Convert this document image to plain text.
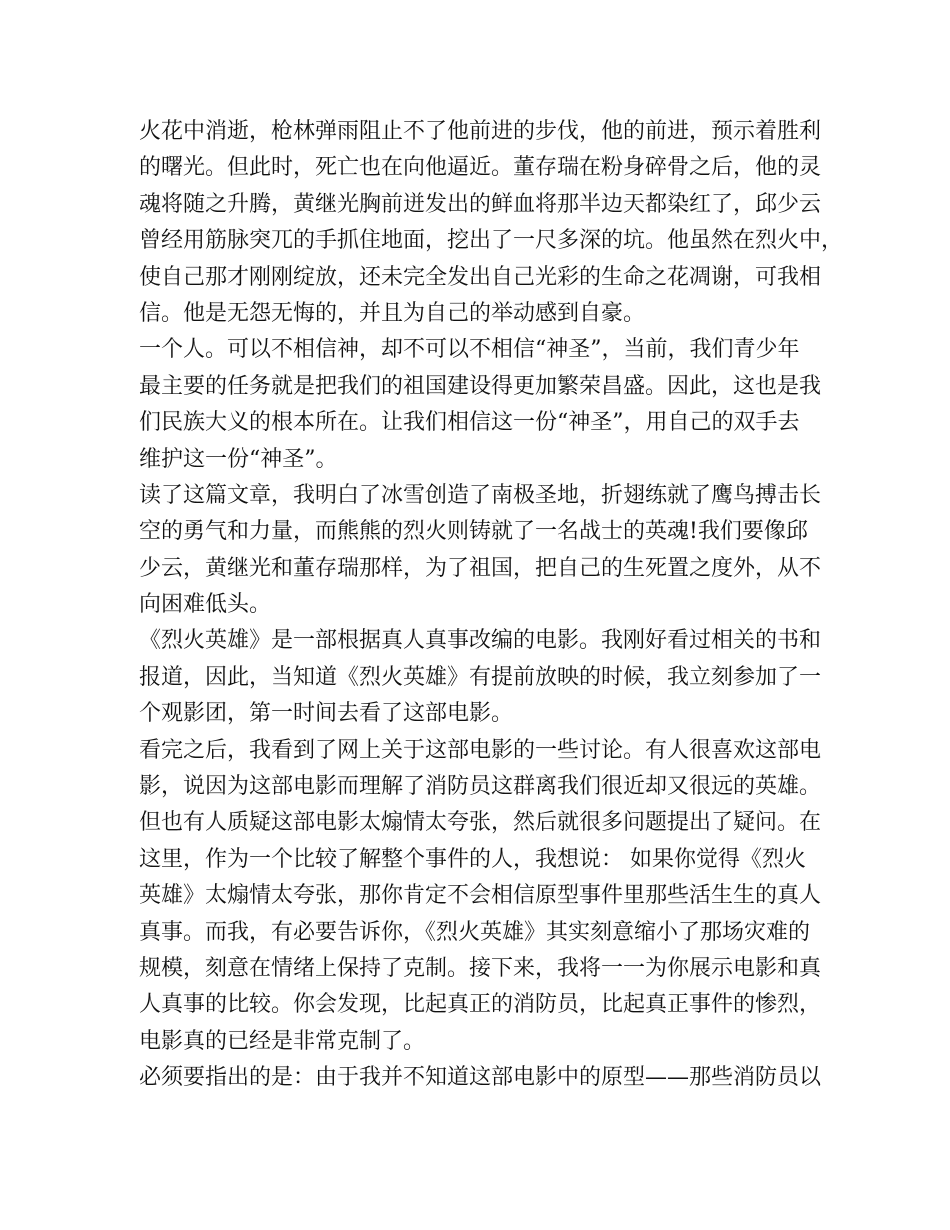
火花中消逝，枪林弹雨阻止不了他前进的步伐，他的前进，预示着胜利
的曙光。但此时，死亡也在向他逼近。董存瑞在粉身碎骨之后，他的灵
魂将随之升腾，黄继光胸前迸发出的鲜血将那半边天都染红了，邱少云
曾经用筋脉突兀的手抓住地面，挖出了一尺多深的坑。他虽然在烈火中，
使自己那才刚刚绽放，还未完全发出自己光彩的生命之花凋谢，可我相
信。他是无怨无悔的，并且为自己的举动感到自豪。
一个人。可以不相信神，却不可以不相信“神圣”，当前，我们青少年
最主要的任务就是把我们的祖国建设得更加繁荣昌盛。因此，这也是我
们民族大义的根本所在。让我们相信这一份“神圣”，用自己的双手去
维护这一份“神圣”。
读了这篇文章，我明白了冰雪创造了南极圣地，折翅练就了鹰鸟搏击长
空的勇气和力量，而熊熊的烈火则铸就了一名战士的英魂!我们要像邱
少云，黄继光和董存瑞那样，为了祖国，把自己的生死置之度外，从不
向困难低头。
《烈火英雄》是一部根据真人真事改编的电影。我刚好看过相关的书和
报道，因此，当知道《烈火英雄》有提前放映的时候，我立刻参加了一
个观影团，第一时间去看了这部电影。
看完之后，我看到了网上关于这部电影的一些讨论。有人很喜欢这部电
影，说因为这部电影而理解了消防员这群离我们很近却又很远的英雄。
但也有人质疑这部电影太煽情太夸张，然后就很多问题提出了疑问。在
这里，作为一个比较了解整个事件的人，我想说： 如果你觉得《烈火
英雄》太煽情太夸张，那你肯定不会相信原型事件里那些活生生的真人
真事。而我，有必要告诉你，《烈火英雄》其实刻意缩小了那场灾难的
规模，刻意在情绪上保持了克制。接下来，我将一一为你展示电影和真
人真事的比较。你会发现，比起真正的消防员，比起真正事件的惨烈，
电影真的已经是非常克制了。
必须要指出的是：由于我并不知道这部电影中的原型——那些消防员以
